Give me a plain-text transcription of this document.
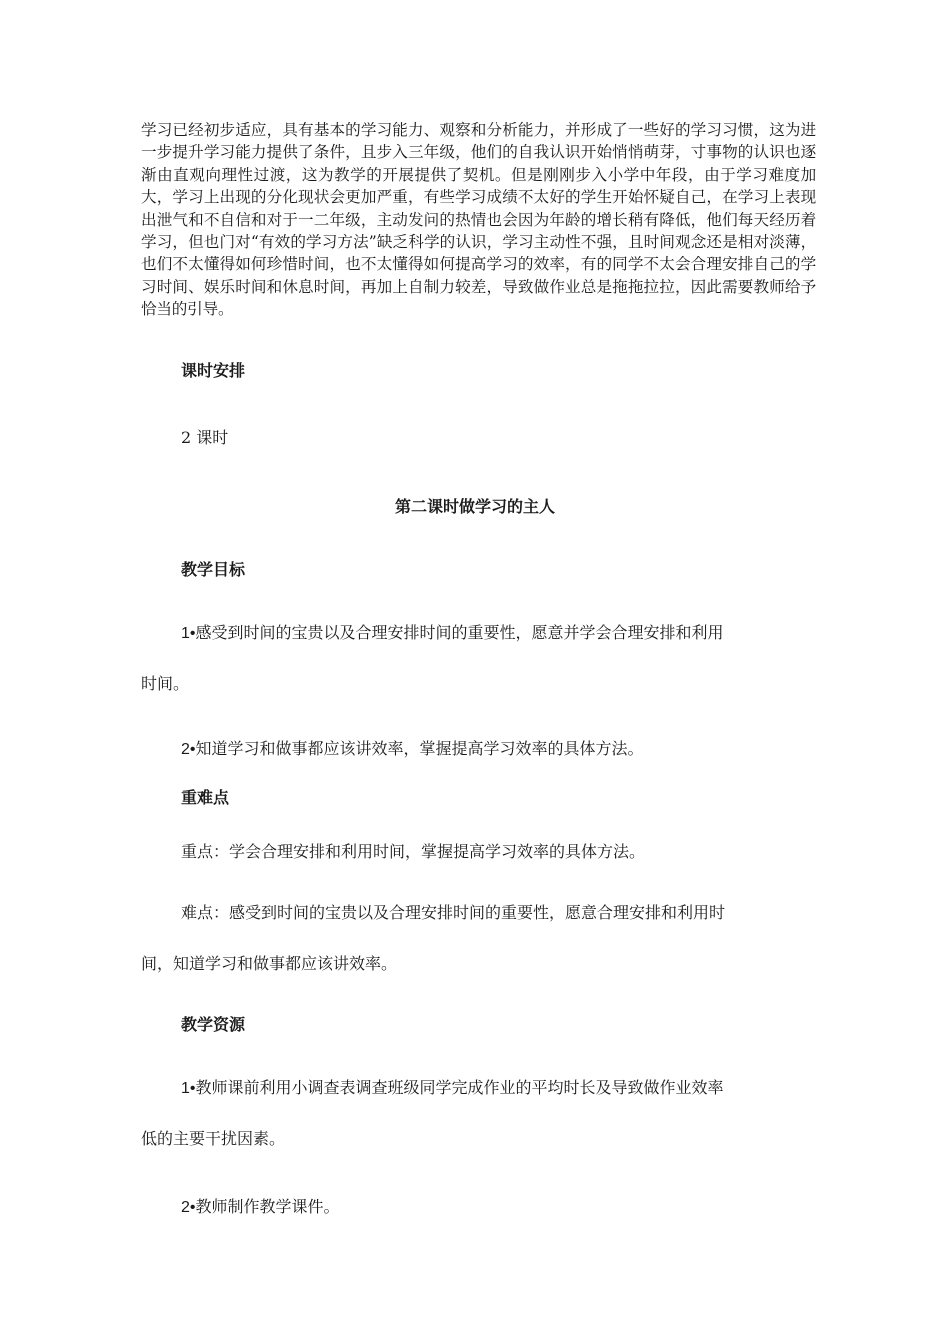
学习已经初步适应，具有基本的学习能力、观察和分析能力，并形成了一些好的学习习惯，这为进一步提升学习能力提供了条件，且步入三年级，他们的自我认识开始悄悄萌芽，寸事物的认识也逐渐由直观向理性过渡，这为教学的开展提供了契机。但是刚刚步入小学中年段，由于学习难度加大，学习上出现的分化现状会更加严重，有些学习成绩不太好的学生开始怀疑自己，在学习上表现出泄气和不自信和对于一二年级，主动发问的热情也会因为年龄的增长稍有降低，他们每天经历着学习，但也门对“有效的学习方法”缺乏科学的认识，学习主动性不强，且时间观念还是相对淡薄，也们不太懂得如何珍惜时间，也不太懂得如何提高学习的效率，有的同学不太会合理安排自己的学习时间、娱乐时间和休息时间，再加上自制力较差，导致做作业总是拖拖拉拉，因此需要教师给予恰当的引导。
课时安排
2 课时
第二课时做学习的主人
教学目标
1•感受到时间的宝贵以及合理安排时间的重要性，愿意并学会合理安排和利用
时间。
2•知道学习和做事都应该讲效率，掌握提高学习效率的具体方法。
重难点
重点：学会合理安排和利用时间，掌握提高学习效率的具体方法。
难点：感受到时间的宝贵以及合理安排时间的重要性，愿意合理安排和利用时
间，知道学习和做事都应该讲效率。
教学资源
1•教师课前利用小调查表调查班级同学完成作业的平均时长及导致做作业效率
低的主要干扰因素。
2•教师制作教学课件。
